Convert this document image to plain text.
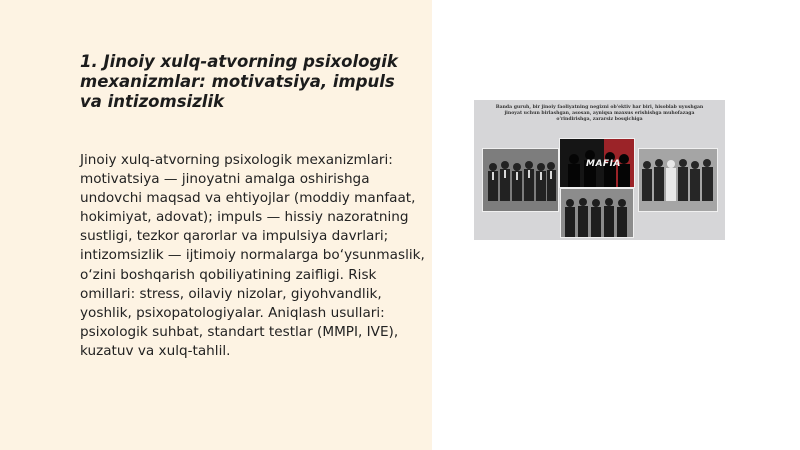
1. Jinoiy xulq-atvorning psixologik mexanizmlar: motivatsiya, impuls va intizomsizlik

Jinoiy xulq-atvorning psixologik mexanizmlari: motivatsiya — jinoyatni amalga oshirishga undovchi maqsad va ehtiyojlar (moddiy manfaat, hokimiyat, adovat); impuls — hissiy nazoratning sustligi, tezkor qarorlar va impulsiya davrlari; intizomsizlik — ijtimoiy normalarga bo‘ysunmaslik, o‘zini boshqarish qobiliyatining zaifligi. Risk omillari: stress, oilaviy nizolar, giyohvandlik, yoshlik, psixopatologiyalar. Aniqlash usullari: psixologik suhbat, standart testlar (MMPI, IVE), kuzatuv va xulq-tahlil.

Banda guruh, bir jinoiy faoliyatning negizni ob'ektiv har biri, hisoblab uyushgan jinoyat uchun birlashgan, asosan, ayniqsa maxsus erishishga muhofazaga o'rindirishga, zararsiz bosqichiga

MAFIA
